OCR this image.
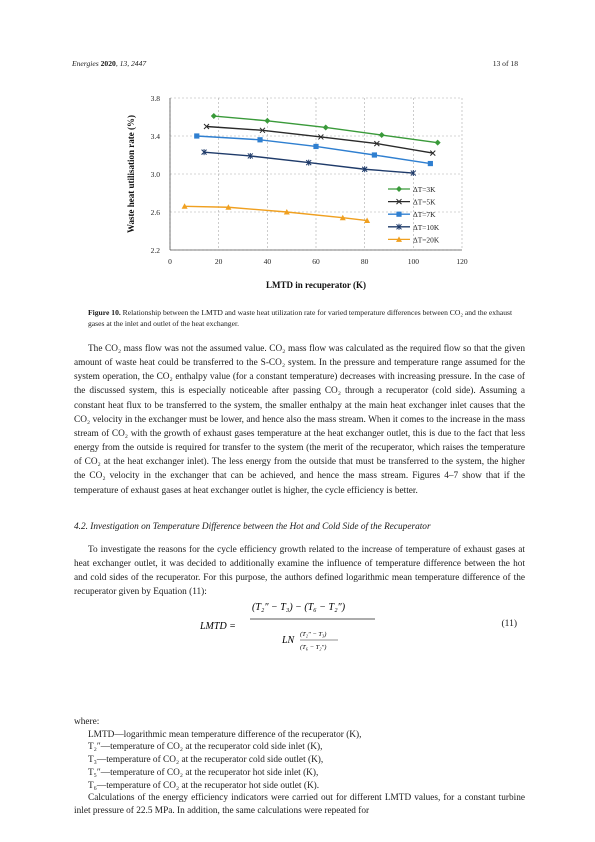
Energies 2020, 13, 2447	13 of 18
2.2
2.6
3.0
3.4
3.8
0	20	40	60	80	100	120
LMTD in recuperator (K)
Waste heat utilisation rate (%)	ΔT=3K
ΔT=5K
ΔT=7K
ΔT=10K
ΔT=20K
Figure 10. Relationship between the LMTD and waste heat utilization rate for varied temperature differences between CO₂ and the exhaust gases at the inlet and outlet of the heat exchanger.

The CO₂ mass flow was not the assumed value. CO₂ mass flow was calculated as the required flow so that the given amount of waste heat could be transferred to the S-CO₂ system. In the pressure and temperature range assumed for the system operation, the CO₂ enthalpy value (for a constant temperature) decreases with increasing pressure. In the case of the discussed system, this is especially noticeable after passing CO₂ through a recuperator (cold side). Assuming a constant heat flux to be transferred to the system, the smaller enthalpy at the main heat exchanger inlet causes that the CO₂ velocity in the exchanger must be lower, and hence also the mass stream. When it comes to the increase in the mass stream of CO₂ with the growth of exhaust gases temperature at the heat exchanger outlet, this is due to the fact that less energy from the outside is required for transfer to the system (the merit of the recuperator, which raises the temperature of CO₂ at the heat exchanger inlet). The less energy from the outside that must be transferred to the system, the higher the CO₂ velocity in the exchanger that can be achieved, and hence the mass stream. Figures 4–7 show that if the temperature of exhaust gases at heat exchanger outlet is higher, the cycle efficiency is better.

4.2. Investigation on Temperature Difference between the Hot and Cold Side of the Recuperator

To investigate the reasons for the cycle efficiency growth related to the increase of temperature of exhaust gases at heat exchanger outlet, it was decided to additionally examine the influence of temperature difference between the hot and cold sides of the recuperator. For this purpose, the authors defined logarithmic mean temperature difference of the recuperator given by Equation (11):

LMTD =
(T₂″ − T₃) − (T₆ − T₂″)
LN
(T₂″ − T₃)
(T₆ − T₂″)
(11)
where:
LMTD—logarithmic mean temperature difference of the recuperator (K),
T₂″—temperature of CO₂ at the recuperator cold side inlet (K),
T₃—temperature of CO₂ at the recuperator cold side outlet (K),
T₅″—temperature of CO₂ at the recuperator hot side inlet (K),
T₆—temperature of CO₂ at the recuperator hot side outlet (K).
Calculations of the energy efficiency indicators were carried out for different LMTD values, for a constant turbine inlet pressure of 22.5 MPa. In addition, the same calculations were repeated for
